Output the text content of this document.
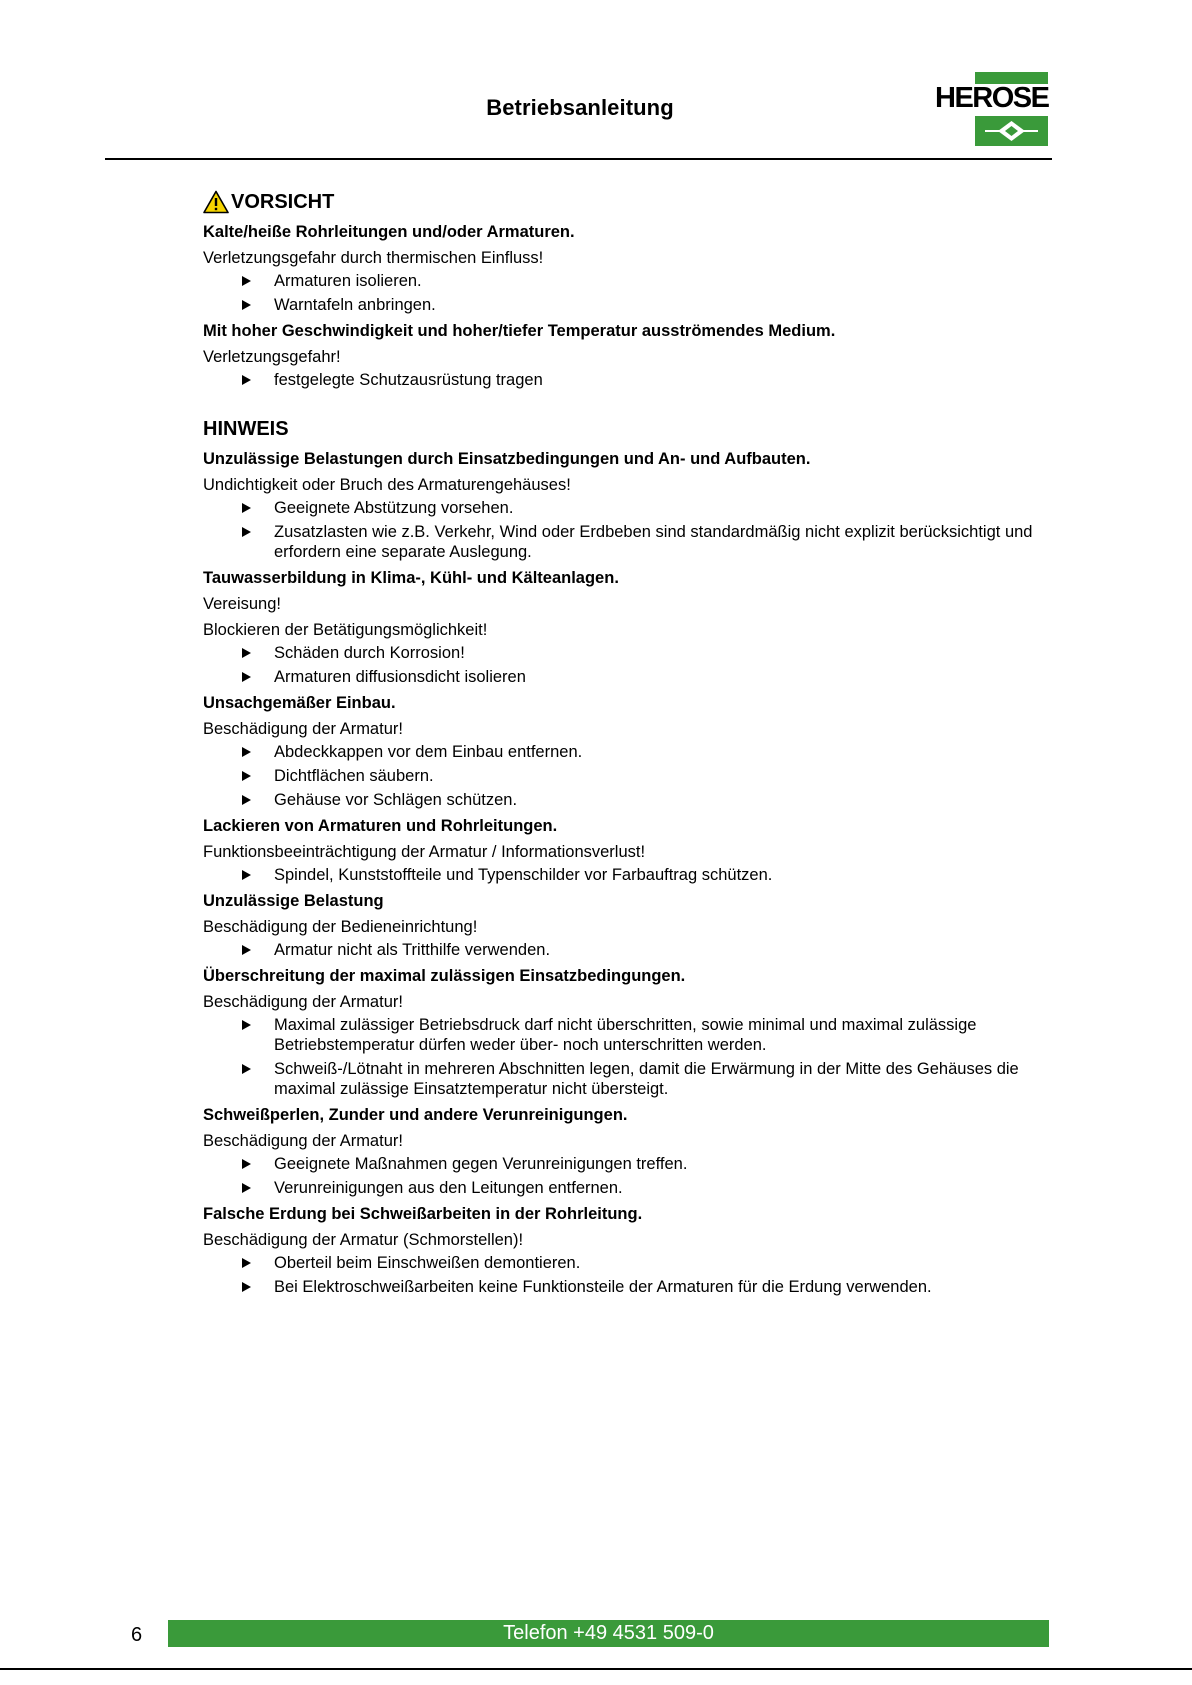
Betriebsanleitung	HEROSE
VORSICHT
Kalte/heiße Rohrleitungen und/oder Armaturen.
Verletzungsgefahr durch thermischen Einfluss!
Armaturen isolieren.
Warntafeln anbringen.
Mit hoher Geschwindigkeit und hoher/tiefer Temperatur ausströmendes Medium.
Verletzungsgefahr!
festgelegte Schutzausrüstung tragen
HINWEIS
Unzulässige Belastungen durch Einsatzbedingungen und An- und Aufbauten.
Undichtigkeit oder Bruch des Armaturengehäuses!
Geeignete Abstützung vorsehen.
Zusatzlasten wie z.B. Verkehr, Wind oder Erdbeben sind standardmäßig nicht explizit berücksichtigt und erfordern eine separate Auslegung.
Tauwasserbildung in Klima-, Kühl- und Kälteanlagen.
Vereisung!
Blockieren der Betätigungsmöglichkeit!
Schäden durch Korrosion!
Armaturen diffusionsdicht isolieren
Unsachgemäßer Einbau.
Beschädigung der Armatur!
Abdeckkappen vor dem Einbau entfernen.
Dichtflächen säubern.
Gehäuse vor Schlägen schützen.
Lackieren von Armaturen und Rohrleitungen.
Funktionsbeeinträchtigung der Armatur / Informationsverlust!
Spindel, Kunststoffteile und Typenschilder vor Farbauftrag schützen.
Unzulässige Belastung
Beschädigung der Bedieneinrichtung!
Armatur nicht als Tritthilfe verwenden.
Überschreitung der maximal zulässigen Einsatzbedingungen.
Beschädigung der Armatur!
Maximal zulässiger Betriebsdruck darf nicht überschritten, sowie minimal und maximal zulässige Betriebstemperatur dürfen weder über- noch unterschritten werden.
Schweiß-/Lötnaht in mehreren Abschnitten legen, damit die Erwärmung in der Mitte des Gehäuses die maximal zulässige Einsatztemperatur nicht übersteigt.
Schweißperlen, Zunder und andere Verunreinigungen.
Beschädigung der Armatur!
Geeignete Maßnahmen gegen Verunreinigungen treffen.
Verunreinigungen aus den Leitungen entfernen.
Falsche Erdung bei Schweißarbeiten in der Rohrleitung.
Beschädigung der Armatur (Schmorstellen)!
Oberteil beim Einschweißen demontieren.
Bei Elektroschweißarbeiten keine Funktionsteile der Armaturen für die Erdung verwenden.
6	Telefon +49 4531 509-0
